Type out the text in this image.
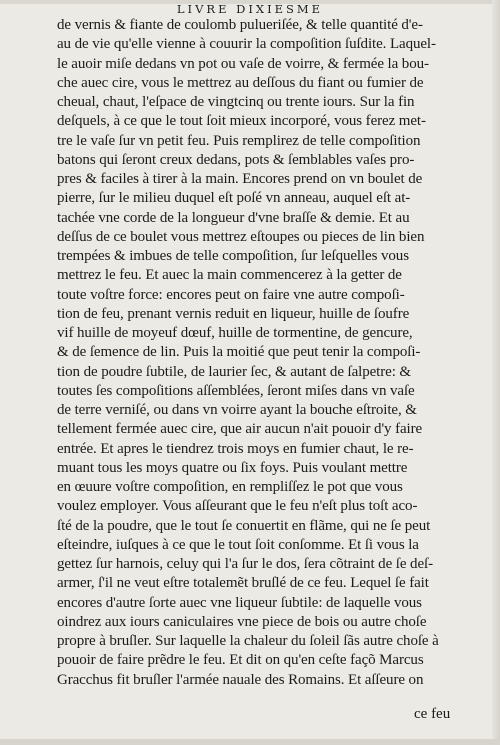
LIVRE DIXIESME
de vernis & fiante de coulomb pulueriſée, & telle quantité d'e-
au de vie qu'elle vienne à couurir la compoſition ſuſdite. Laquel-
le auoir miſe dedans vn pot ou vaſe de voirre, & fermée la bou-
che auec cire, vous le mettrez au deſſous du fiant ou fumier de
cheual, chaut, l'eſpace de vingtcinq ou trente iours. Sur la fin
deſquels, à ce que le tout ſoit mieux incorporé, vous ferez met-
tre le vaſe ſur vn petit feu. Puis remplirez de telle compoſition
batons qui ſeront creux dedans, pots & ſemblables vaſes pro-
pres & faciles à tirer à la main. Encores prend on vn boulet de
pierre, ſur le milieu duquel eſt poſé vn anneau, auquel eſt at-
tachée vne corde de la longueur d'vne braſſe & demie. Et au
deſſus de ce boulet vous mettrez eſtoupes ou pieces de lin bien
trempées & imbues de telle compoſition, ſur leſquelles vous
mettrez le feu. Et auec la main commencerez à la getter de
toute voſtre force: encores peut on faire vne autre compoſi-
tion de feu, prenant vernis reduit en liqueur, huille de ſoufre
vif huille de moyeuf dœuf, huille de tormentine, de gencure,
& de ſemence de lin. Puis la moitié que peut tenir la compoſi-
tion de poudre ſubtile, de laurier ſec, & autant de ſalpetre: &
toutes ſes compoſitions aſſemblées, ſeront miſes dans vn vaſe
de terre verniſé, ou dans vn voirre ayant la bouche eſtroite, &
tellement fermée auec cire, que air aucun n'ait pouoir d'y faire
entrée. Et apres le tiendrez trois moys en fumier chaut, le re-
muant tous les moys quatre ou ſix foys. Puis voulant mettre
en œuure voſtre compoſition, en rempliſſez le pot que vous
voulez employer. Vous aſſeurant que le feu n'eſt plus toſt aco-
ſté de la poudre, que le tout ſe conuertit en flãme, qui ne ſe peut
eſteindre, iuſques à ce que le tout ſoit conſomme. Et ſi vous la
gettez ſur harnois, celuy qui l'a ſur le dos, ſera cõtraint de ſe deſ-
armer, ſ'il ne veut eſtre totalemẽt bruſlé de ce feu. Lequel ſe fait
encores d'autre ſorte auec vne liqueur ſubtile: de laquelle vous
oindrez aux iours caniculaires vne piece de bois ou autre choſe
propre à bruſler. Sur laquelle la chaleur du ſoleil ſãs autre choſe à
pouoir de faire prẽdre le feu. Et dit on qu'en ceſte façõ Marcus
Gracchus fit bruſler l'armée nauale des Romains. Et aſſeure on
ce feu
